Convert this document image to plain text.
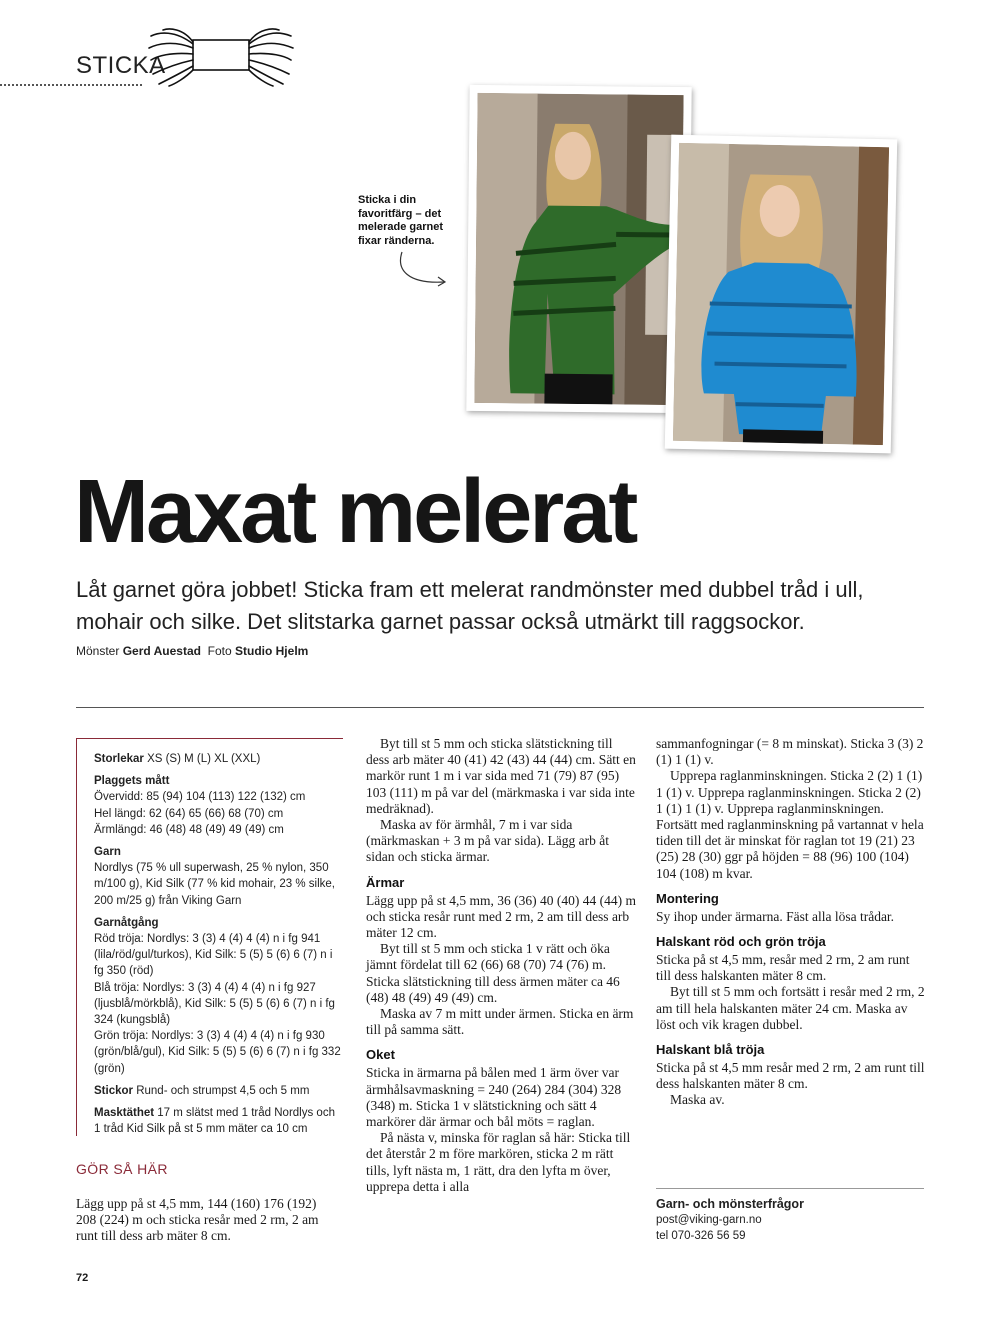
STICKA
Sticka i din favoritfärg – det melerade garnet fixar ränderna.
Maxat melerat
Låt garnet göra jobbet! Sticka fram ett melerat randmönster med dubbel tråd i ull, mohair och silke. Det slitstarka garnet passar också utmärkt till raggsockor.
Mönster Gerd Auestad Foto Studio Hjelm
Storlekar XS (S) M (L) XL (XXL)
Plaggets mått
Övervidd: 85 (94) 104 (113) 122 (132) cm
Hel längd: 62 (64) 65 (66) 68 (70) cm
Ärmlängd: 46 (48) 48 (49) 49 (49) cm
Garn
Nordlys (75 % ull superwash, 25 % nylon, 350 m/100 g), Kid Silk (77 % kid mohair, 23 % silke, 200 m/25 g) från Viking Garn
Garnåtgång
Röd tröja: Nordlys: 3 (3) 4 (4) 4 (4) n i fg 941 (lila/röd/gul/turkos), Kid Silk: 5 (5) 5 (6) 6 (7) n i fg 350 (röd)
Blå tröja: Nordlys: 3 (3) 4 (4) 4 (4) n i fg 927 (ljusblå/mörkblå), Kid Silk: 5 (5) 5 (6) 6 (7) n i fg 324 (kungsblå)
Grön tröja: Nordlys: 3 (3) 4 (4) 4 (4) n i fg 930 (grön/blå/gul), Kid Silk: 5 (5) 5 (6) 6 (7) n i fg 332 (grön)
Stickor Rund- och strumpst 4,5 och 5 mm
Masktäthet 17 m slätst med 1 tråd Nordlys och 1 tråd Kid Silk på st 5 mm mäter ca 10 cm
GÖR SÅ HÄR

Lägg upp på st 4,5 mm, 144 (160) 176 (192) 208 (224) m och sticka resår med 2 rm, 2 am runt till dess arb mäter 8 cm.

Byt till st 5 mm och sticka slätstickning till dess arb mäter 40 (41) 42 (43) 44 (44) cm. Sätt en markör runt 1 m i var sida med 71 (79) 87 (95) 103 (111) m på var del (märkmaska i var sida inte medräknad).

Maska av för ärmhål, 7 m i var sida (märkmaskan + 3 m på var sida). Lägg arb åt sidan och sticka ärmar.

Ärmar

Lägg upp på st 4,5 mm, 36 (36) 40 (40) 44 (44) m och sticka resår runt med 2 rm, 2 am till dess arb mäter 12 cm.

Byt till st 5 mm och sticka 1 v rätt och öka jämnt fördelat till 62 (66) 68 (70) 74 (76) m. Sticka slätstickning till dess ärmen mäter ca 46 (48) 48 (49) 49 (49) cm.

Maska av 7 m mitt under ärmen. Sticka en ärm till på samma sätt.

Oket

Sticka in ärmarna på bålen med 1 ärm över var ärmhålsavmaskning = 240 (264) 284 (304) 328 (348) m. Sticka 1 v slätstickning och sätt 4 markörer där ärmar och bål möts = raglan.

På nästa v, minska för raglan så här: Sticka till det återstår 2 m före markören, sticka 2 m rätt tills, lyft nästa m, 1 rätt, dra den lyfta m över, upprepa detta i alla

sammanfogningar (= 8 m minskat). Sticka 3 (3) 2 (1) 1 (1) v.

Upprepa raglanminskningen. Sticka 2 (2) 1 (1) 1 (1) v. Upprepa raglanminskningen. Sticka 2 (2) 1 (1) 1 (1) v. Upprepa raglanminskningen. Fortsätt med raglanminskning på vartannat v hela tiden till det är minskat för raglan tot 19 (21) 23 (25) 28 (30) ggr på höjden = 88 (96) 100 (104) 104 (108) m kvar.

Montering

Sy ihop under ärmarna. Fäst alla lösa trådar.

Halskant röd och grön tröja

Sticka på st 4,5 mm, resår med 2 rm, 2 am runt till dess halskanten mäter 8 cm.

Byt till st 5 mm och fortsätt i resår med 2 rm, 2 am till hela halskanten mäter 24 cm. Maska av löst och vik kragen dubbel.

Halskant blå tröja

Sticka på st 4,5 mm resår med 2 rm, 2 am runt till dess halskanten mäter 8 cm.

Maska av.

Garn- och mönsterfrågor
post@viking-garn.no
tel 070-326 56 59
72
